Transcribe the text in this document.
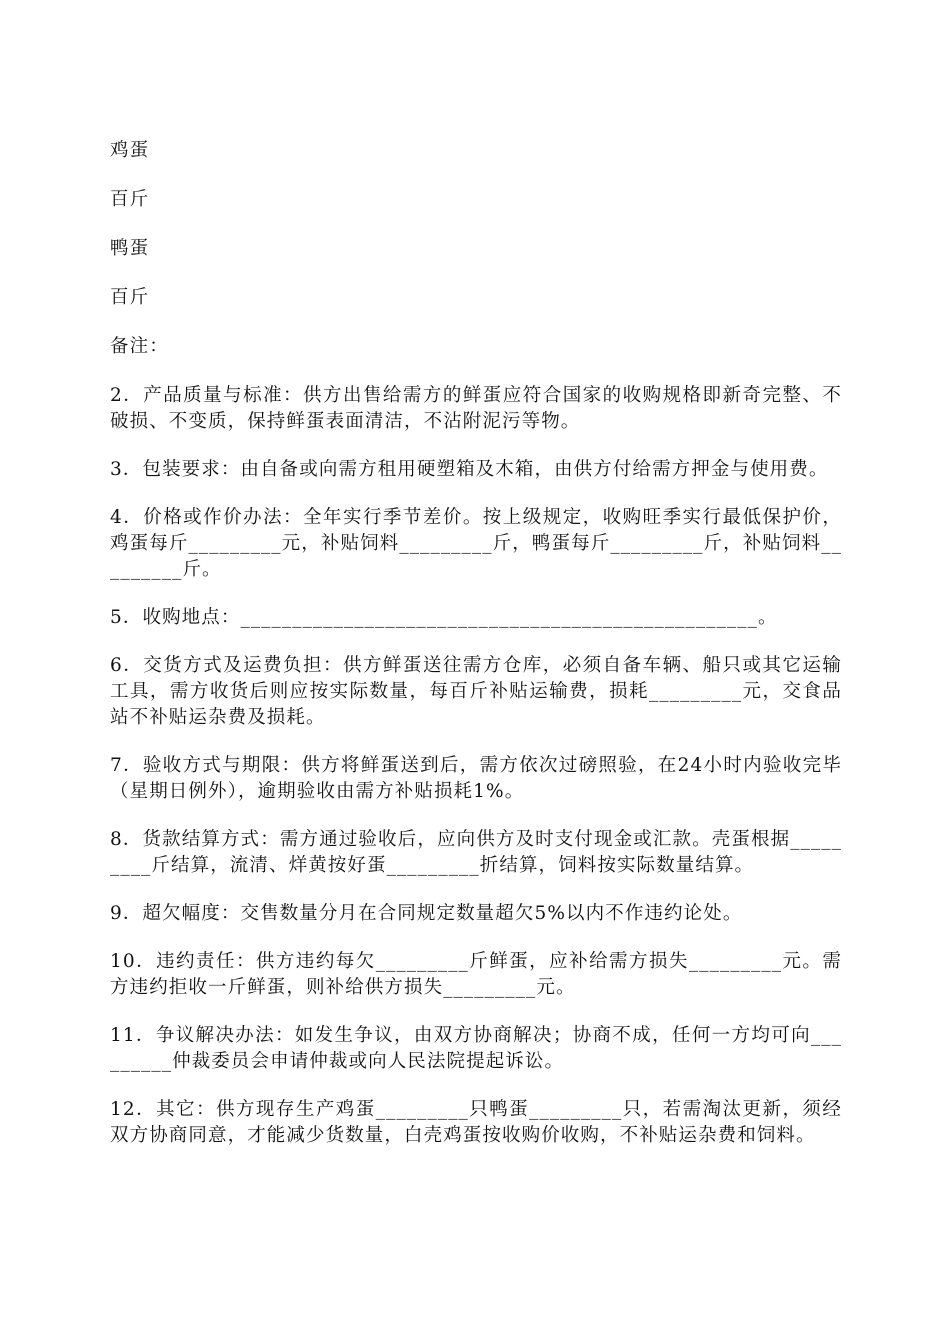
鸡蛋

百斤

鸭蛋

百斤

备注：

2．产品质量与标准：供方出售给需方的鲜蛋应符合国家的收购规格即新奇完整、不破损、不变质，保持鲜蛋表面清洁，不沾附泥污等物。

3．包装要求：由自备或向需方租用硬塑箱及木箱，由供方付给需方押金与使用费。

4．价格或作价办法：全年实行季节差价。按上级规定，收购旺季实行最低保护价，鸡蛋每斤_________元，补贴饲料_________斤，鸭蛋每斤_________斤，补贴饲料_________斤。

5．收购地点：__________________________________________________。

6．交货方式及运费负担：供方鲜蛋送往需方仓库，必须自备车辆、船只或其它运输工具，需方收货后则应按实际数量，每百斤补贴运输费，损耗_________元，交食品站不补贴运杂费及损耗。

7．验收方式与期限：供方将鲜蛋送到后，需方依次过磅照验，在24小时内验收完毕（星期日例外），逾期验收由需方补贴损耗1%。

8．货款结算方式：需方通过验收后，应向供方及时支付现金或汇款。壳蛋根据_________斤结算，流清、烊黄按好蛋_________折结算，饲料按实际数量结算。

9．超欠幅度：交售数量分月在合同规定数量超欠5%以内不作违约论处。

10．违约责任：供方违约每欠_________斤鲜蛋，应补给需方损失_________元。需方违约拒收一斤鲜蛋，则补给供方损失_________元。

11．争议解决办法：如发生争议，由双方协商解决；协商不成，任何一方均可向_________仲裁委员会申请仲裁或向人民法院提起诉讼。

12．其它：供方现存生产鸡蛋_________只鸭蛋_________只，若需淘汰更新，须经双方协商同意，才能减少货数量，白壳鸡蛋按收购价收购，不补贴运杂费和饲料。
